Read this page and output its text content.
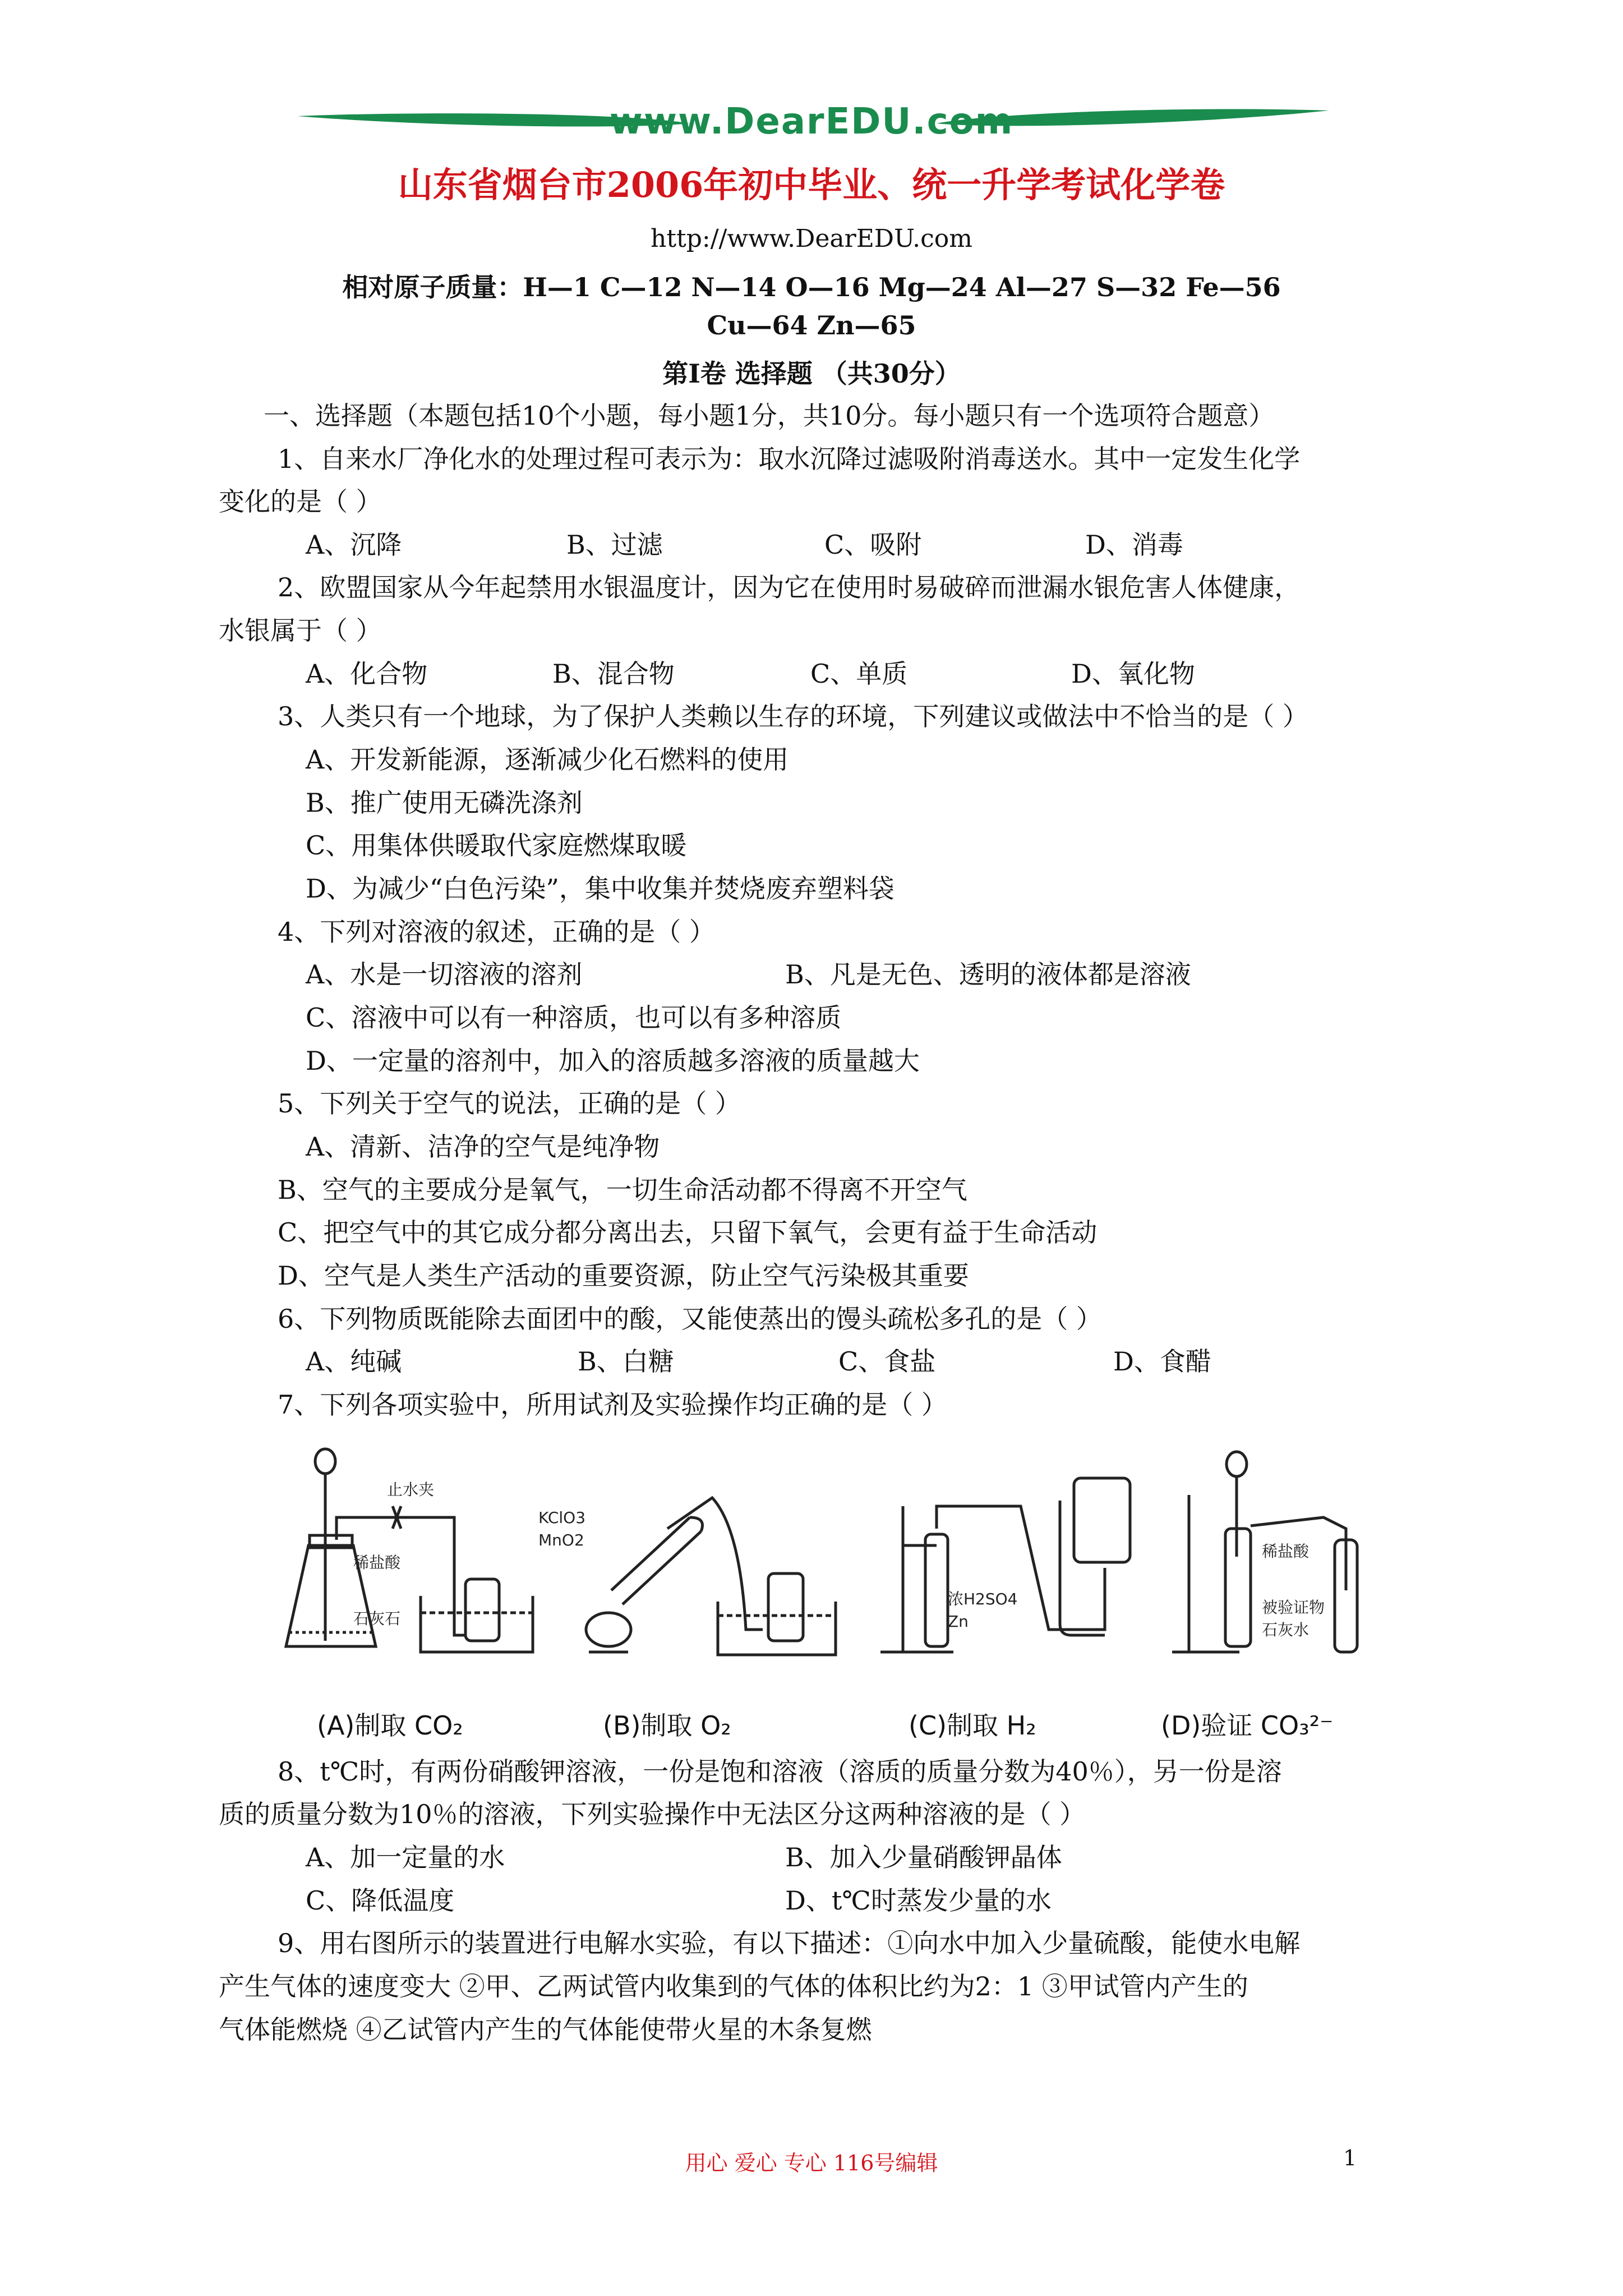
www.DearEDU.com
山东省烟台市2006年初中毕业、统一升学考试化学卷
http://www.DearEDU.com
相对原子质量：H—1 C—12 N—14 O—16 Mg—24 Al—27 S—32 Fe—56
Cu—64 Zn—65
第Ⅰ卷 选择题 （共30分）
一、选择题（本题包括10个小题，每小题1分，共10分。每小题只有一个选项符合题意）
1、自来水厂净化水的处理过程可表示为：取水沉降过滤吸附消毒送水。其中一定发生化学
变化的是（ ）
A、沉降	B、过滤	C、吸附	D、消毒
2、欧盟国家从今年起禁用水银温度计，因为它在使用时易破碎而泄漏水银危害人体健康，
水银属于（ ）
A、化合物	B、混合物	C、单质	D、氧化物
3、人类只有一个地球，为了保护人类赖以生存的环境，下列建议或做法中不恰当的是（ ）
A、开发新能源，逐渐减少化石燃料的使用
B、推广使用无磷洗涤剂
C、用集体供暖取代家庭燃煤取暖
D、为减少“白色污染”，集中收集并焚烧废弃塑料袋
4、下列对溶液的叙述，正确的是（ ）
A、水是一切溶液的溶剂	B、凡是无色、透明的液体都是溶液
C、溶液中可以有一种溶质，也可以有多种溶质
D、一定量的溶剂中，加入的溶质越多溶液的质量越大
5、下列关于空气的说法，正确的是（ ）
A、清新、洁净的空气是纯净物
B、空气的主要成分是氧气，一切生命活动都不得离不开空气
C、把空气中的其它成分都分离出去，只留下氧气，会更有益于生命活动
D、空气是人类生产活动的重要资源，防止空气污染极其重要
6、下列物质既能除去面团中的酸，又能使蒸出的馒头疏松多孔的是（ ）
A、纯碱	B、白糖	C、食盐	D、食醋
7、下列各项实验中，所用试剂及实验操作均正确的是（ ）
止水夹
稀盐酸
石灰石
KClO3
MnO2
浓H2SO4
Zn
稀盐酸
被验证物
石灰水
(A)制取 CO₂	(B)制取 O₂	(C)制取 H₂	(D)验证 CO₃²⁻
8、t℃时，有两份硝酸钾溶液，一份是饱和溶液（溶质的质量分数为40％），另一份是溶
质的质量分数为10％的溶液，下列实验操作中无法区分这两种溶液的是（ ）
A、加一定量的水	B、加入少量硝酸钾晶体
C、降低温度	D、t℃时蒸发少量的水
9、用右图所示的装置进行电解水实验，有以下描述：①向水中加入少量硫酸，能使水电解
产生气体的速度变大 ②甲、乙两试管内收集到的气体的体积比约为2：1 ③甲试管内产生的
气体能燃烧 ④乙试管内产生的气体能使带火星的木条复燃
用心 爱心 专心 116号编辑	1
